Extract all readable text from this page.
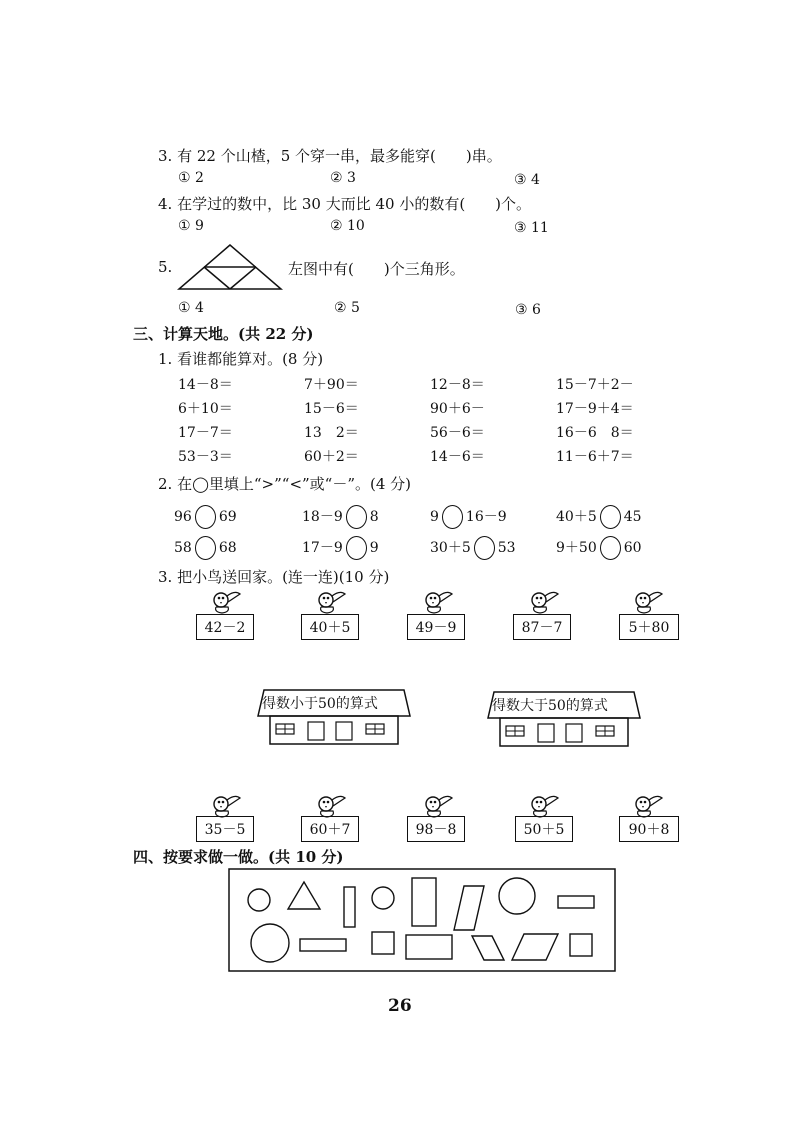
3. 有 22 个山楂，5 个穿一串，最多能穿(　　)串。
① 2	② 3	③ 4
4. 在学过的数中，比 30 大而比 40 小的数有(　　)个。
① 9	② 10	③ 11
5.	左图中有(　　)个三角形。
① 4	② 5	③ 6
三、计算天地。(共 22 分)
1. 看谁都能算对。(8 分)
14－8＝	7＋90＝	12－8＝	15－7＋2－
6＋10＝	15－6＝	90＋6－	17－9＋4＝
17－7＝	13　2＝	56－6＝	16－6　8＝
53－3＝	60＋2＝	14－6＝	11－6＋7＝
2. 在◯里填上“>”“<”或“－”。(4 分)
96 69	18－9 8	9 16－9	40＋5 45
58 68	17－9 9	30＋5 53	9＋50 60
3. 把小鸟送回家。(连一连)(10 分)
42－2	40＋5	49－9	87－7	5＋80
得数小于50的算式	得数大于50的算式
35－5	60＋7	98－8	50＋5	90＋8
四、按要求做一做。(共 10 分)
26
